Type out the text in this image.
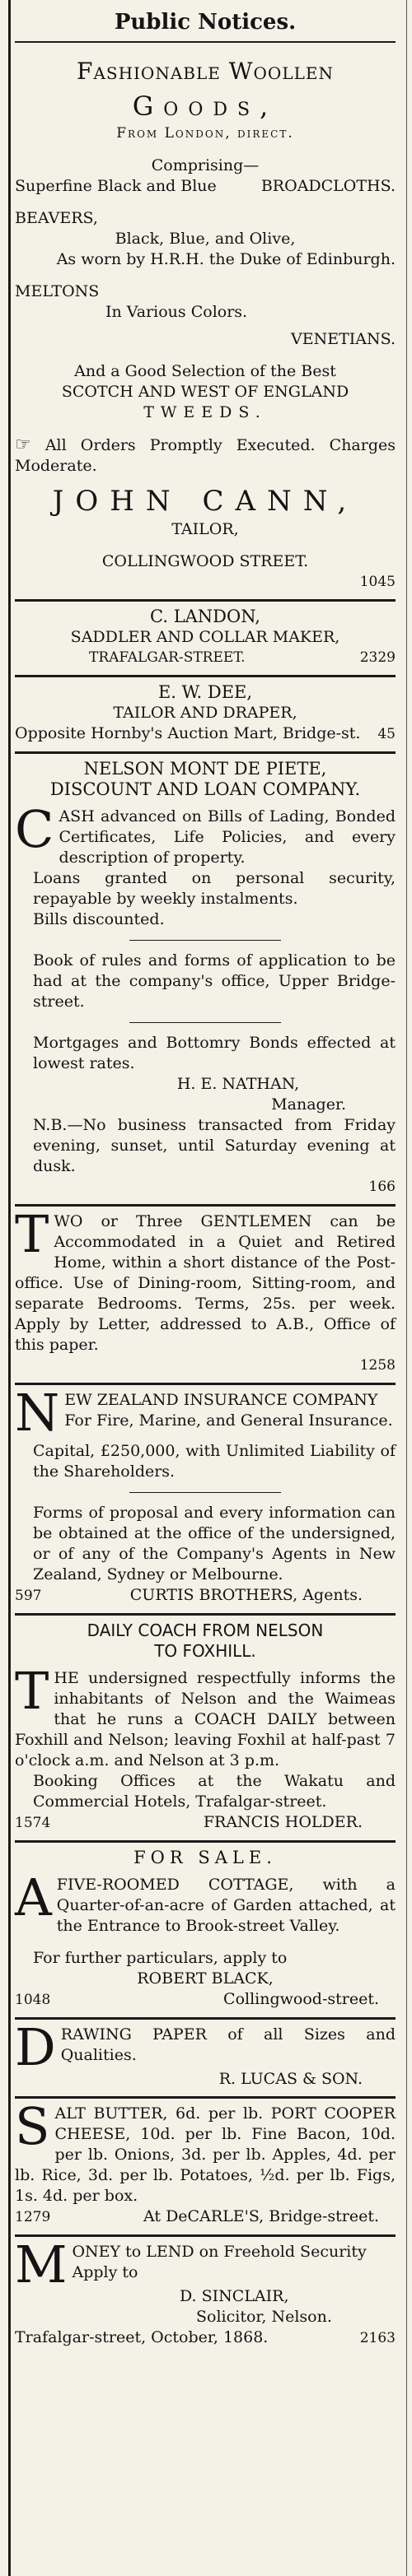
Public Notices.
Fashionable Woollen
Goods,
From London, direct.
Comprising—
Superfine Black and Blue	BROADCLOTHS.
BEAVERS,
Black, Blue, and Olive,
As worn by H.R.H. the Duke of Edinburgh.
MELTONS
In Various Colors.
VENETIANS.
And a Good Selection of the Best
SCOTCH AND WEST OF ENGLAND
TWEEDS.
☞ All Orders Promptly Executed. Charges Moderate.
JOHN CANN,
TAILOR,
COLLINGWOOD STREET.
1045
C. LANDON,
SADDLER AND COLLAR MAKER,
TRAFALGAR-STREET.	2329
E. W. DEE,
TAILOR AND DRAPER,
Opposite Hornby's Auction Mart, Bridge-st. 45
NELSON MONT DE PIETE,
DISCOUNT AND LOAN COMPANY.
C ASH advanced on Bills of Lading, Bonded Certificates, Life Policies, and every description of property.
Loans granted on personal security, repayable by weekly instalments.
Bills discounted.
Book of rules and forms of application to be had at the company's office, Upper Bridge-street.
Mortgages and Bottomry Bonds effected at lowest rates.
H. E. NATHAN,
Manager.
N.B.—No business transacted from Friday evening, sunset, until Saturday evening at dusk.
166
T WO or Three GENTLEMEN can be Accommodated in a Quiet and Retired Home, within a short distance of the Post-office. Use of Dining-room, Sitting-room, and separate Bedrooms. Terms, 25s. per week. Apply by Letter, addressed to A.B., Office of this paper.
1258
N EW ZEALAND INSURANCE COMPANY
For Fire, Marine, and General Insurance.
Capital, £250,000, with Unlimited Liability of the Shareholders.
Forms of proposal and every information can be obtained at the office of the undersigned, or of any of the Company's Agents in New Zealand, Sydney or Melbourne.
597	CURTIS BROTHERS, Agents.
DAILY COACH FROM NELSON
TO FOXHILL.
T HE undersigned respectfully informs the inhabitants of Nelson and the Waimeas that he runs a COACH DAILY between Foxhill and Nelson; leaving Foxhil at half-past 7 o'clock a.m. and Nelson at 3 p.m.
Booking Offices at the Wakatu and Commercial Hotels, Trafalgar-street.
1574	FRANCIS HOLDER.
FOR SALE.
A FIVE-ROOMED COTTAGE, with a Quarter-of-an-acre of Garden attached, at the Entrance to Brook-street Valley.
For further particulars, apply to
ROBERT BLACK,
1048	Collingwood-street.
D RAWING PAPER of all Sizes and Qualities.
R. LUCAS & SON.
S ALT BUTTER, 6d. per lb. PORT COOPER CHEESE, 10d. per lb. Fine Bacon, 10d. per lb. Onions, 3d. per lb. Apples, 4d. per lb. Rice, 3d. per lb. Potatoes, ½d. per lb. Figs, 1s. 4d. per box.
1279	At DeCARLE'S, Bridge-street.
M ONEY to LEND on Freehold Security
Apply to
D. SINCLAIR,
Solicitor, Nelson.
Trafalgar-street, October, 1868.	2163
